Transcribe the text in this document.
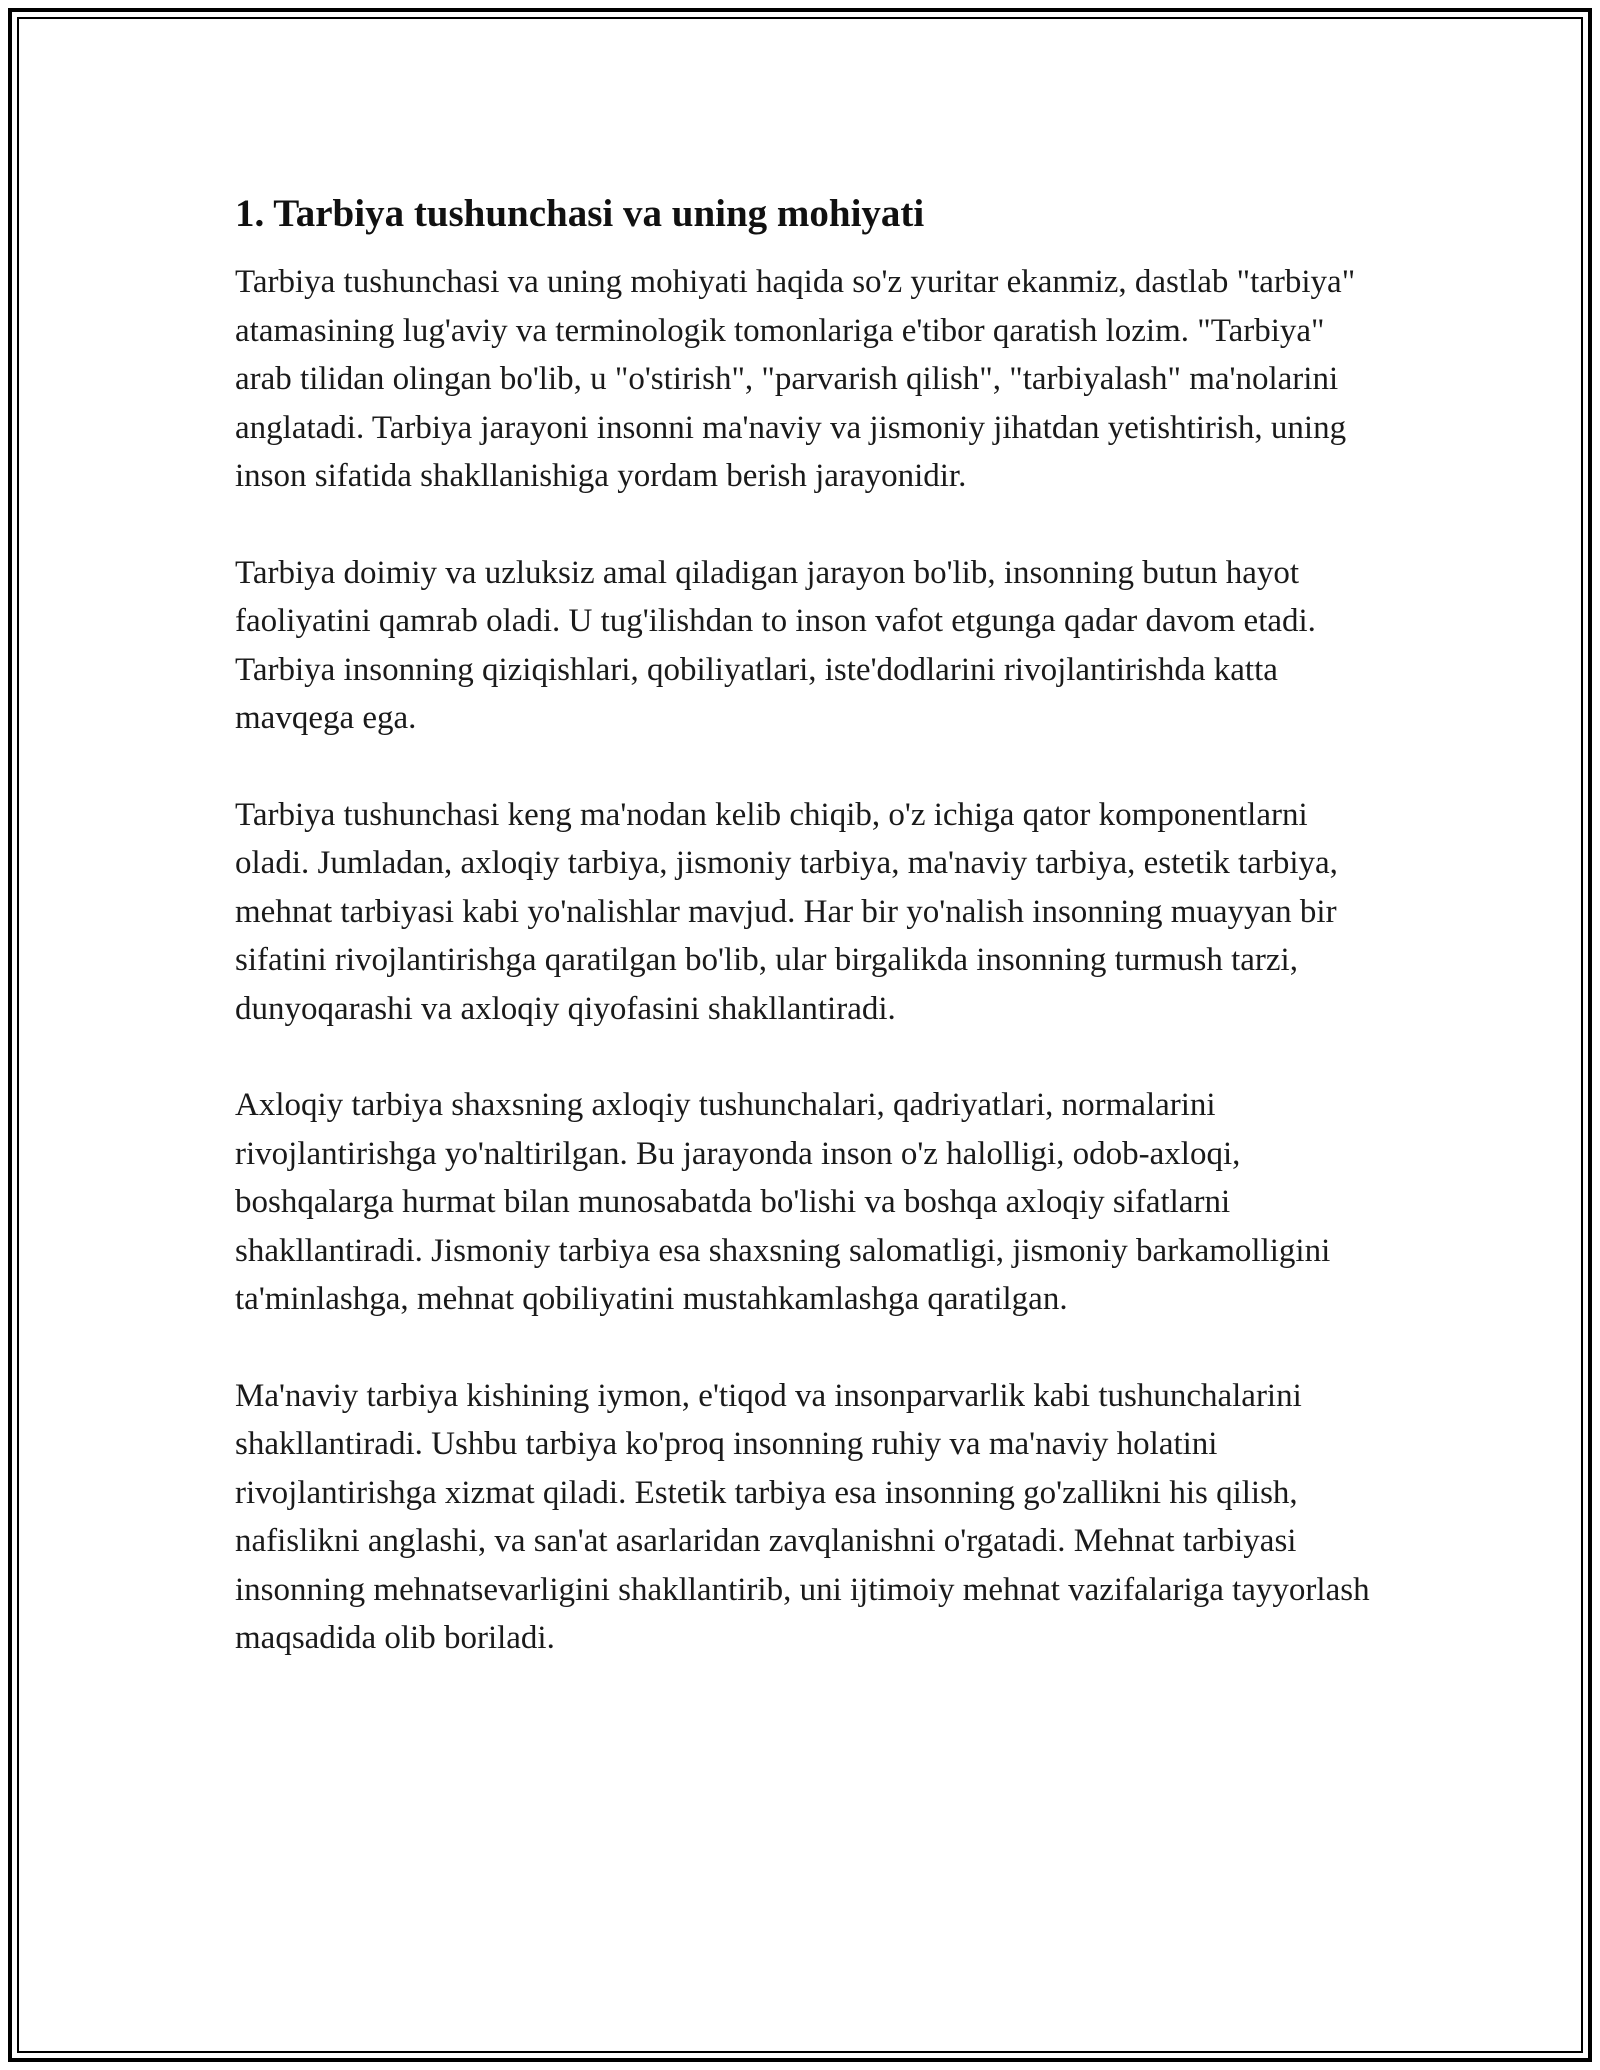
1. Tarbiya tushunchasi va uning mohiyati

Tarbiya tushunchasi va uning mohiyati haqida so'z yuritar ekanmiz, dastlab "tarbiya" atamasining lug'aviy va terminologik tomonlariga e'tibor qaratish lozim. "Tarbiya" arab tilidan olingan bo'lib, u "o'stirish", "parvarish qilish", "tarbiyalash" ma'nolarini anglatadi. Tarbiya jarayoni insonni ma'naviy va jismoniy jihatdan yetishtirish, uning inson sifatida shakllanishiga yordam berish jarayonidir.

Tarbiya doimiy va uzluksiz amal qiladigan jarayon bo'lib, insonning butun hayot faoliyatini qamrab oladi. U tug'ilishdan to inson vafot etgunga qadar davom etadi. Tarbiya insonning qiziqishlari, qobiliyatlari, iste'dodlarini rivojlantirishda katta mavqega ega.

Tarbiya tushunchasi keng ma'nodan kelib chiqib, o'z ichiga qator komponentlarni oladi. Jumladan, axloqiy tarbiya, jismoniy tarbiya, ma'naviy tarbiya, estetik tarbiya, mehnat tarbiyasi kabi yo'nalishlar mavjud. Har bir yo'nalish insonning muayyan bir sifatini rivojlantirishga qaratilgan bo'lib, ular birgalikda insonning turmush tarzi, dunyoqarashi va axloqiy qiyofasini shakllantiradi.

Axloqiy tarbiya shaxsning axloqiy tushunchalari, qadriyatlari, normalarini rivojlantirishga yo'naltirilgan. Bu jarayonda inson o'z halolligi, odob-axloqi, boshqalarga hurmat bilan munosabatda bo'lishi va boshqa axloqiy sifatlarni shakllantiradi. Jismoniy tarbiya esa shaxsning salomatligi, jismoniy barkamolligini ta'minlashga, mehnat qobiliyatini mustahkamlashga qaratilgan.

Ma'naviy tarbiya kishining iymon, e'tiqod va insonparvarlik kabi tushunchalarini shakllantiradi. Ushbu tarbiya ko'proq insonning ruhiy va ma'naviy holatini rivojlantirishga xizmat qiladi. Estetik tarbiya esa insonning go'zallikni his qilish, nafislikni anglashi, va san'at asarlaridan zavqlanishni o'rgatadi. Mehnat tarbiyasi insonning mehnatsevarligini shakllantirib, uni ijtimoiy mehnat vazifalariga tayyorlash maqsadida olib boriladi.
